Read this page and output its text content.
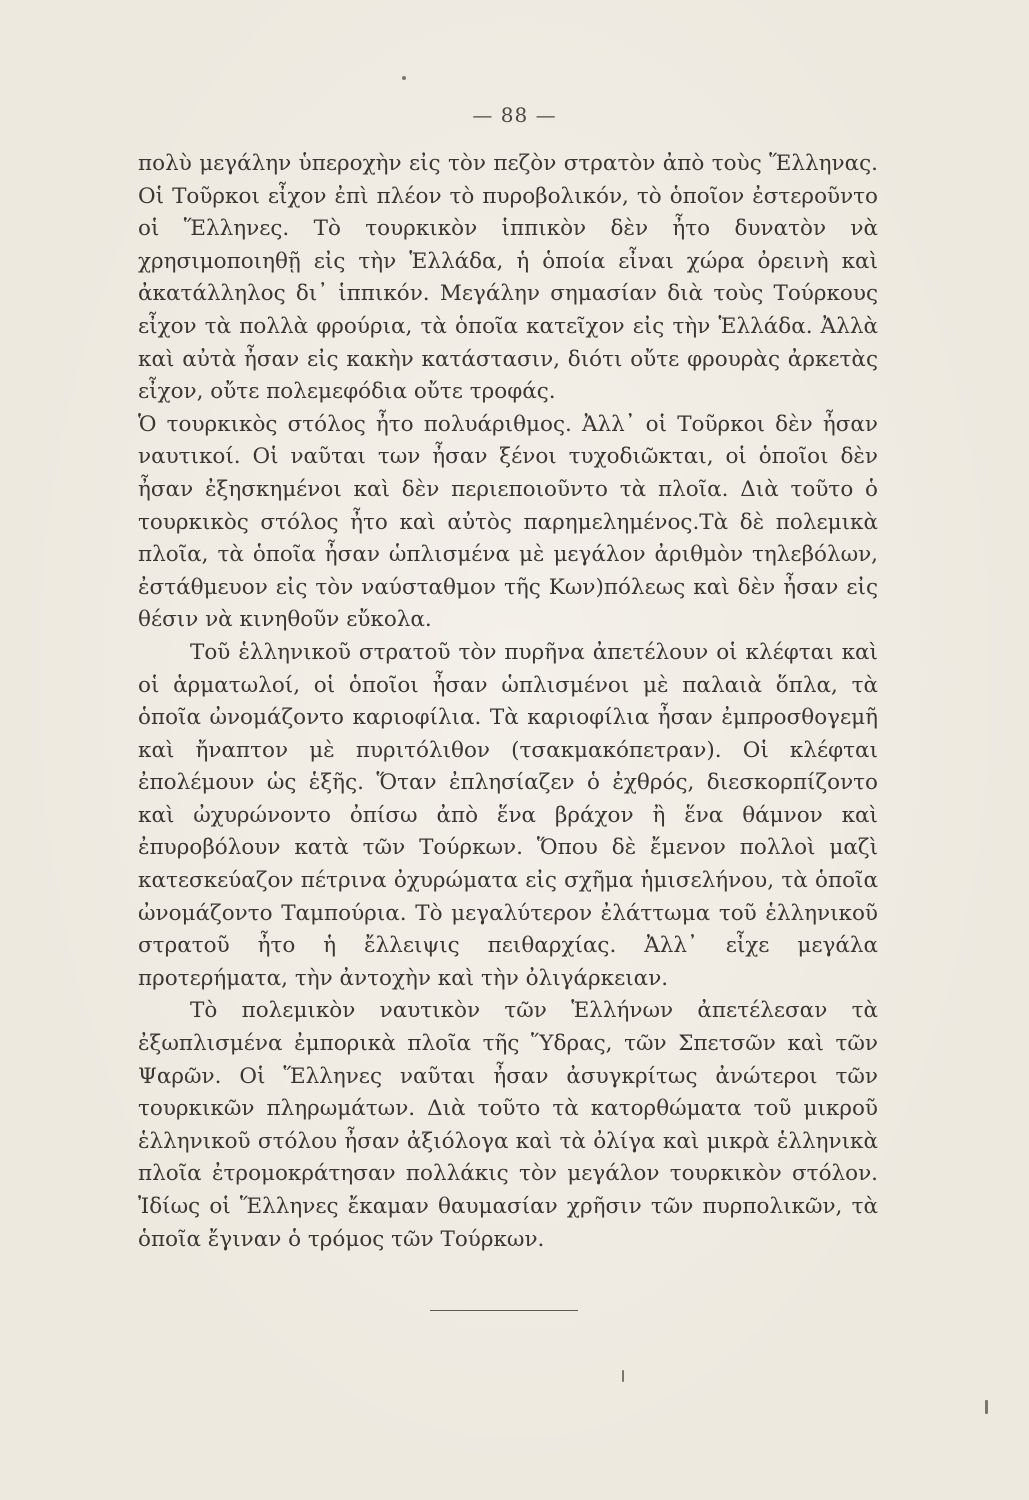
— 88 —

πολὺ μεγάλην ὑπεροχὴν εἰς τὸν πεζὸν στρατὸν ἀπὸ τοὺς Ἕλληνας. Οἱ Τοῦρκοι εἶχον ἐπὶ πλέον τὸ πυροβολικόν, τὸ ὁποῖον ἐστεροῦντο οἱ Ἕλληνες. Τὸ τουρκικὸν ἱππικὸν δὲν ἦτο δυνατὸν νὰ χρησιμοποιηθῇ εἰς τὴν Ἑλλάδα, ἡ ὁποία εἶναι χώρα ὀρεινὴ καὶ ἀκατάλληλος δι᾽ ἱππικόν. Μεγάλην σημασίαν διὰ τοὺς Τούρκους εἶχον τὰ πολλὰ φρούρια, τὰ ὁποῖα κατεῖχον εἰς τὴν Ἑλλάδα. Ἀλλὰ καὶ αὐτὰ ἦσαν εἰς κακὴν κατάστασιν, διότι οὔτε φρουρὰς ἀρκετὰς εἶχον, οὔτε πολεμεφόδια οὔτε τροφάς.

Ὁ τουρκικὸς στόλος ἦτο πολυάριθμος. Ἀλλ᾽ οἱ Τοῦρκοι δὲν ἦσαν ναυτικοί. Οἱ ναῦται των ἦσαν ξένοι τυχοδιῶκται, οἱ ὁποῖοι δὲν ἦσαν ἐξησκημένοι καὶ δὲν περιεποιοῦντο τὰ πλοῖα. Διὰ τοῦτο ὁ τουρκικὸς στόλος ἦτο καὶ αὐτὸς παρημελημένος.Τὰ δὲ πολεμικὰ πλοῖα, τὰ ὁποῖα ἦσαν ὡπλισμένα μὲ μεγάλον ἀριθμὸν τηλεβόλων, ἐστάθμευον εἰς τὸν ναύσταθμον τῆς Κων)πόλεως καὶ δὲν ἦσαν εἰς θέσιν νὰ κινηθοῦν εὔκολα.

Τοῦ ἑλληνικοῦ στρατοῦ τὸν πυρῆνα ἀπετέλουν οἱ κλέφται καὶ οἱ ἁρματωλοί, οἱ ὁποῖοι ἦσαν ὡπλισμένοι μὲ παλαιὰ ὅπλα, τὰ ὁποῖα ὠνομάζοντο καριοφίλια. Τὰ καριοφίλια ἦσαν ἐμπροσθογεμῆ καὶ ἤναπτον μὲ πυριτόλιθον (τσακμακόπετραν). Οἱ κλέφται ἐπολέμουν ὡς ἑξῆς. Ὅταν ἐπλησίαζεν ὁ ἐχθρός, διεσκορπίζοντο καὶ ὠχυρώνοντο ὀπίσω ἀπὸ ἕνα βράχον ἢ ἕνα θάμνον καὶ ἐπυροβόλουν κατὰ τῶν Τούρκων. Ὅπου δὲ ἔμενον πολλοὶ μαζὶ κατεσκεύαζον πέτρινα ὀχυρώματα εἰς σχῆμα ἡμισελήνου, τὰ ὁποῖα ὠνομάζοντο Ταμπούρια. Τὸ μεγαλύτερον ἐλάττωμα τοῦ ἑλληνικοῦ στρατοῦ ἦτο ἡ ἔλλειψις πειθαρχίας. Ἀλλ᾽ εἶχε μεγάλα προτερήματα, τὴν ἀντοχὴν καὶ τὴν ὀλιγάρκειαν.

Τὸ πολεμικὸν ναυτικὸν τῶν Ἑλλήνων ἀπετέλεσαν τὰ ἐξωπλισμένα ἐμπορικὰ πλοῖα τῆς Ὕδρας, τῶν Σπετσῶν καὶ τῶν Ψαρῶν. Οἱ Ἕλληνες ναῦται ἦσαν ἀσυγκρίτως ἀνώτεροι τῶν τουρκικῶν πληρωμάτων. Διὰ τοῦτο τὰ κατορθώματα τοῦ μικροῦ ἑλληνικοῦ στόλου ἦσαν ἀξιόλογα καὶ τὰ ὀλίγα καὶ μικρὰ ἑλληνικὰ πλοῖα ἐτρομοκράτησαν πολλάκις τὸν μεγάλον τουρκικὸν στόλον. Ἰδίως οἱ Ἕλληνες ἔκαμαν θαυμασίαν χρῆσιν τῶν πυρπολικῶν, τὰ ὁποῖα ἔγιναν ὁ τρόμος τῶν Τούρκων.
